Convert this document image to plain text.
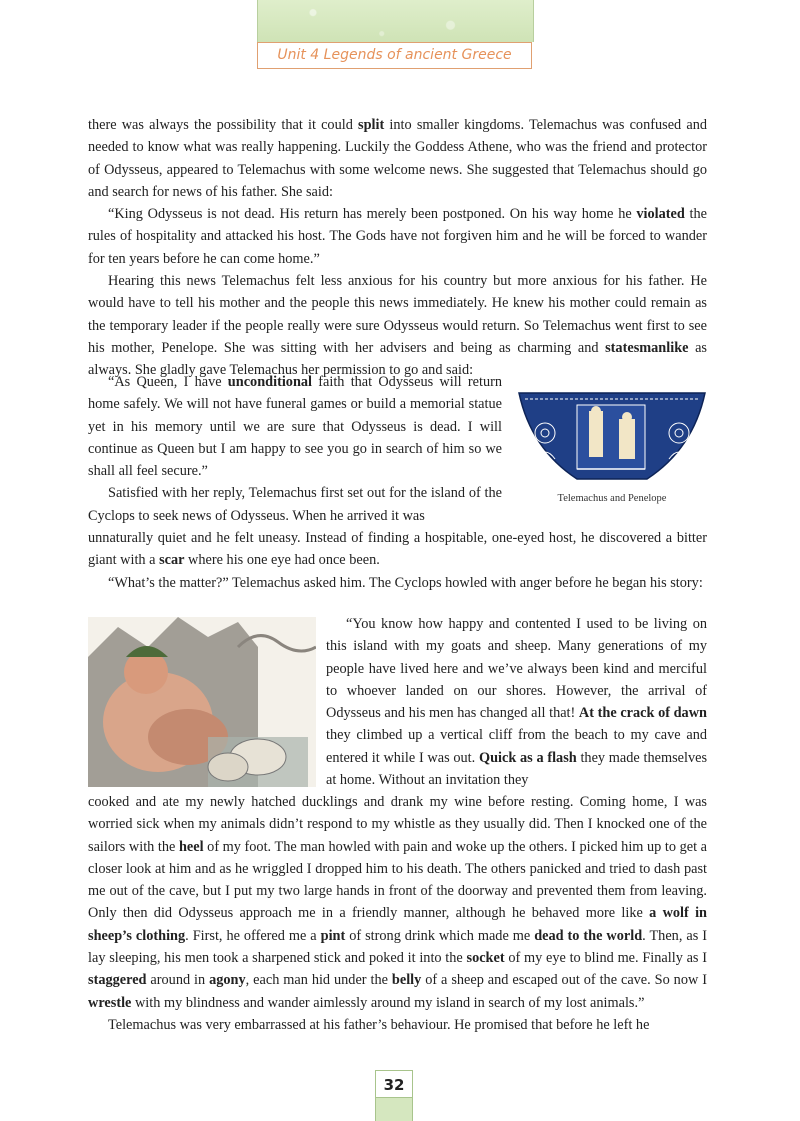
Unit 4 Legends of ancient Greece

there was always the possibility that it could split into smaller kingdoms. Telemachus was confused and needed to know what was really happening. Luckily the Goddess Athene, who was the friend and protector of Odysseus, appeared to Telemachus with some welcome news. She suggested that Telemachus should go and search for news of his father. She said:

“King Odysseus is not dead. His return has merely been postponed. On his way home he violated the rules of hospitality and attacked his host. The Gods have not forgiven him and he will be forced to wander for ten years before he can come home.”

Hearing this news Telemachus felt less anxious for his country but more anxious for his father. He would have to tell his mother and the people this news immediately. He knew his mother could remain as the temporary leader if the people really were sure Odysseus would return. So Telemachus went first to see his mother, Penelope. She was sitting with her advisers and being as charming and statesmanlike as always. She gladly gave Telemachus her permission to go and said:

“As Queen, I have unconditional faith that Odysseus will return home safely. We will not have funeral games or build a memorial statue yet in his memory until we are sure that Odysseus is dead. I will continue as Queen but I am happy to see you go in search of him so we shall all feel secure.”

Satisfied with her reply, Telemachus first set out for the island of the Cyclops to seek news of Odysseus. When he arrived it was

Telemachus and Penelope

unnaturally quiet and he felt uneasy. Instead of finding a hospitable, one-eyed host, he discovered a bitter giant with a scar where his one eye had once been.

“What’s the matter?” Telemachus asked him. The Cyclops howled with anger before he began his story:

“You know how happy and contented I used to be living on this island with my goats and sheep. Many generations of my people have lived here and we’ve always been kind and merciful to whoever landed on our shores. However, the arrival of Odysseus and his men has changed all that! At the crack of dawn they climbed up a vertical cliff from the beach to my cave and entered it while I was out. Quick as a flash they made themselves at home. Without an invitation they

cooked and ate my newly hatched ducklings and drank my wine before resting. Coming home, I was worried sick when my animals didn’t respond to my whistle as they usually did. Then I knocked one of the sailors with the heel of my foot. The man howled with pain and woke up the others. I picked him up to get a closer look at him and as he wriggled I dropped him to his death. The others panicked and tried to dash past me out of the cave, but I put my two large hands in front of the doorway and prevented them from leaving. Only then did Odysseus approach me in a friendly manner, although he behaved more like a wolf in sheep’s clothing. First, he offered me a pint of strong drink which made me dead to the world. Then, as I lay sleeping, his men took a sharpened stick and poked it into the socket of my eye to blind me. Finally as I staggered around in agony, each man hid under the belly of a sheep and escaped out of the cave. So now I wrestle with my blindness and wander aimlessly around my island in search of my lost animals.”

Telemachus was very embarrassed at his father’s behaviour. He promised that before he left he

32
